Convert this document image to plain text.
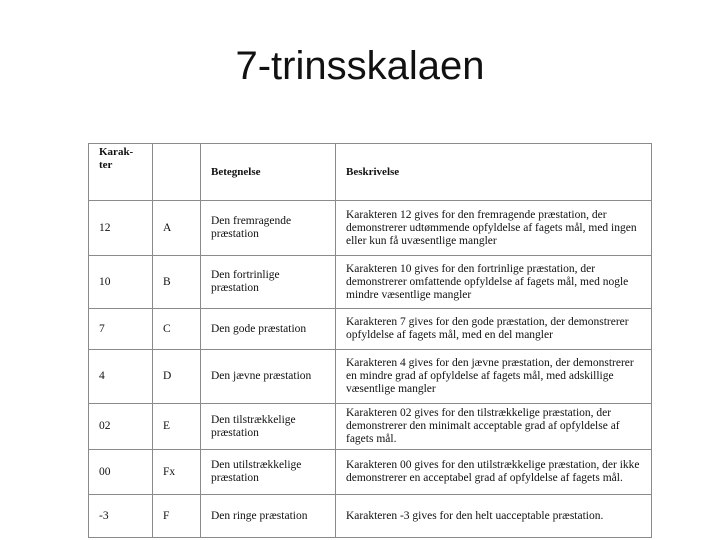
7-trinsskalaen
Karak-
ter		Betegnelse	Beskrivelse
12	A	Den fremragende præstation	Karakteren 12 gives for den fremragende præstation, der demonstrerer udtømmende opfyldelse af fagets mål, med ingen eller kun få uvæsentlige mangler
10	B	Den fortrinlige præstation	Karakteren 10 gives for den fortrinlige præstation, der demonstrerer omfattende opfyldelse af fagets mål, med nogle mindre væsentlige mangler
7	C	Den gode præstation	Karakteren 7 gives for den gode præstation, der demonstrerer opfyldelse af fagets mål, med en del mangler
4	D	Den jævne præstation	Karakteren 4 gives for den jævne præstation, der demonstrerer en mindre grad af opfyldelse af fagets mål, med adskillige væsentlige mangler
02	E	Den tilstrækkelige præstation	Karakteren 02 gives for den tilstrækkelige præstation, der demonstrerer den minimalt acceptable grad af opfyldelse af fagets mål.
00	Fx	Den utilstrækkelige præstation	Karakteren 00 gives for den utilstrækkelige præstation, der ikke demonstrerer en acceptabel grad af opfyldelse af fagets mål.
-3	F	Den ringe præstation	Karakteren -3 gives for den helt uacceptable præstation.
